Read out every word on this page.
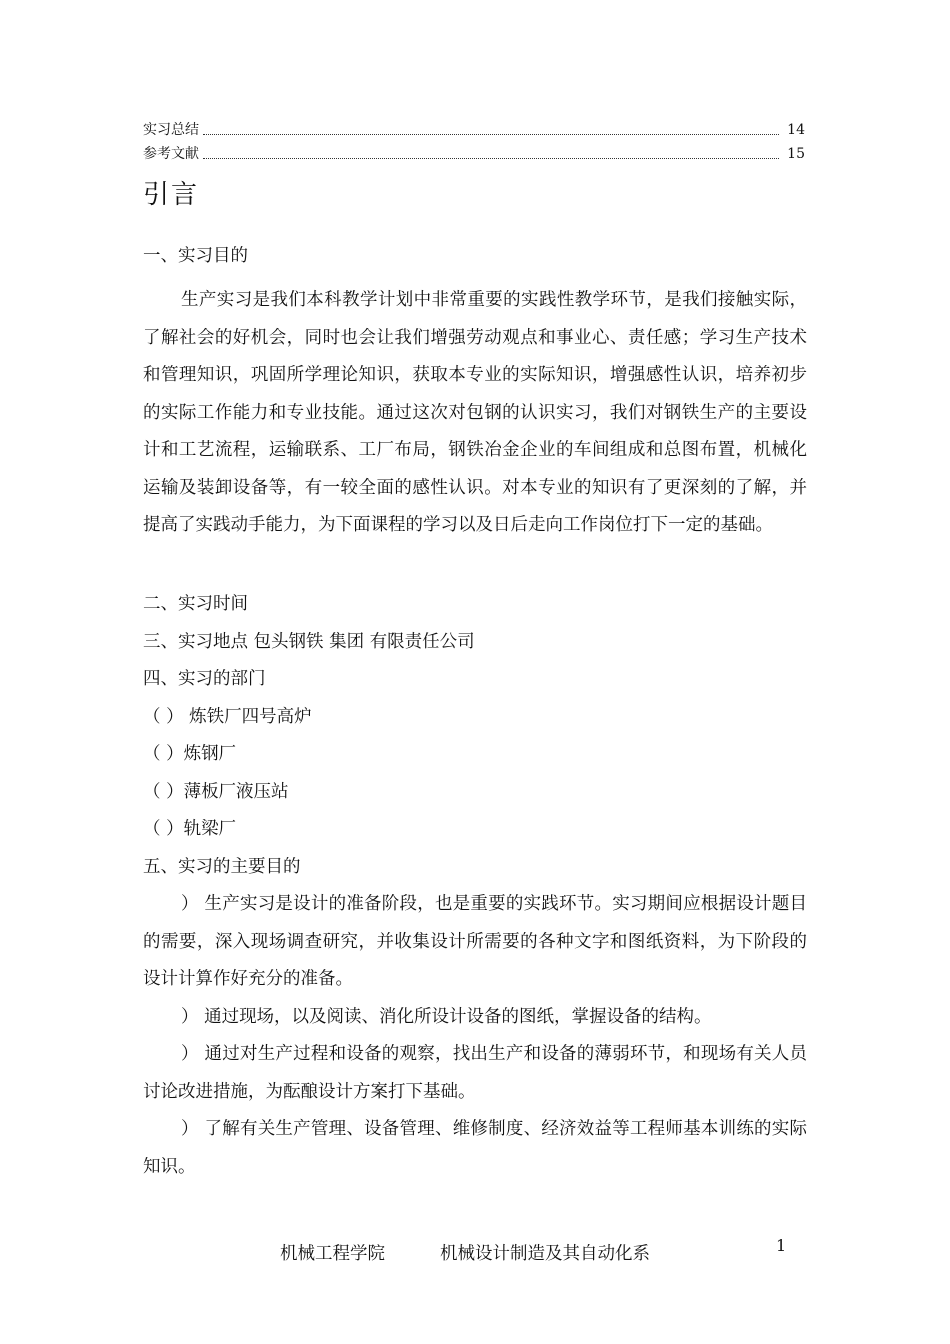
实习总结	14
参考文献	15
引言
一、实习目的

生产实习是我们本科教学计划中非常重要的实践性教学环节，是我们接触实际，了解社会的好机会，同时也会让我们增强劳动观点和事业心、责任感；学习生产技术和管理知识，巩固所学理论知识，获取本专业的实际知识，增强感性认识，培养初步的实际工作能力和专业技能。通过这次对包钢的认识实习，我们对钢铁生产的主要设计和工艺流程，运输联系、工厂布局，钢铁冶金企业的车间组成和总图布置，机械化运输及装卸设备等，有一较全面的感性认识。对本专业的知识有了更深刻的了解，并提高了实践动手能力，为下面课程的学习以及日后走向工作岗位打下一定的基础。

二、实习时间
三、实习地点 包头钢铁 集团 有限责任公司
四、实习的部门
（ ） 炼铁厂四号高炉
（ ）炼钢厂
（ ）薄板厂液压站
（ ）轨梁厂
五、实习的主要目的

） 生产实习是设计的准备阶段，也是重要的实践环节。实习期间应根据设计题目的需要，深入现场调查研究，并收集设计所需要的各种文字和图纸资料，为下阶段的设计计算作好充分的准备。

） 通过现场，以及阅读、消化所设计设备的图纸，掌握设备的结构。

） 通过对生产过程和设备的观察，找出生产和设备的薄弱环节，和现场有关人员讨论改进措施，为酝酿设计方案打下基础。

） 了解有关生产管理、设备管理、维修制度、经济效益等工程师基本训练的实际知识。

机械工程学院	机械设计制造及其自动化系	1
